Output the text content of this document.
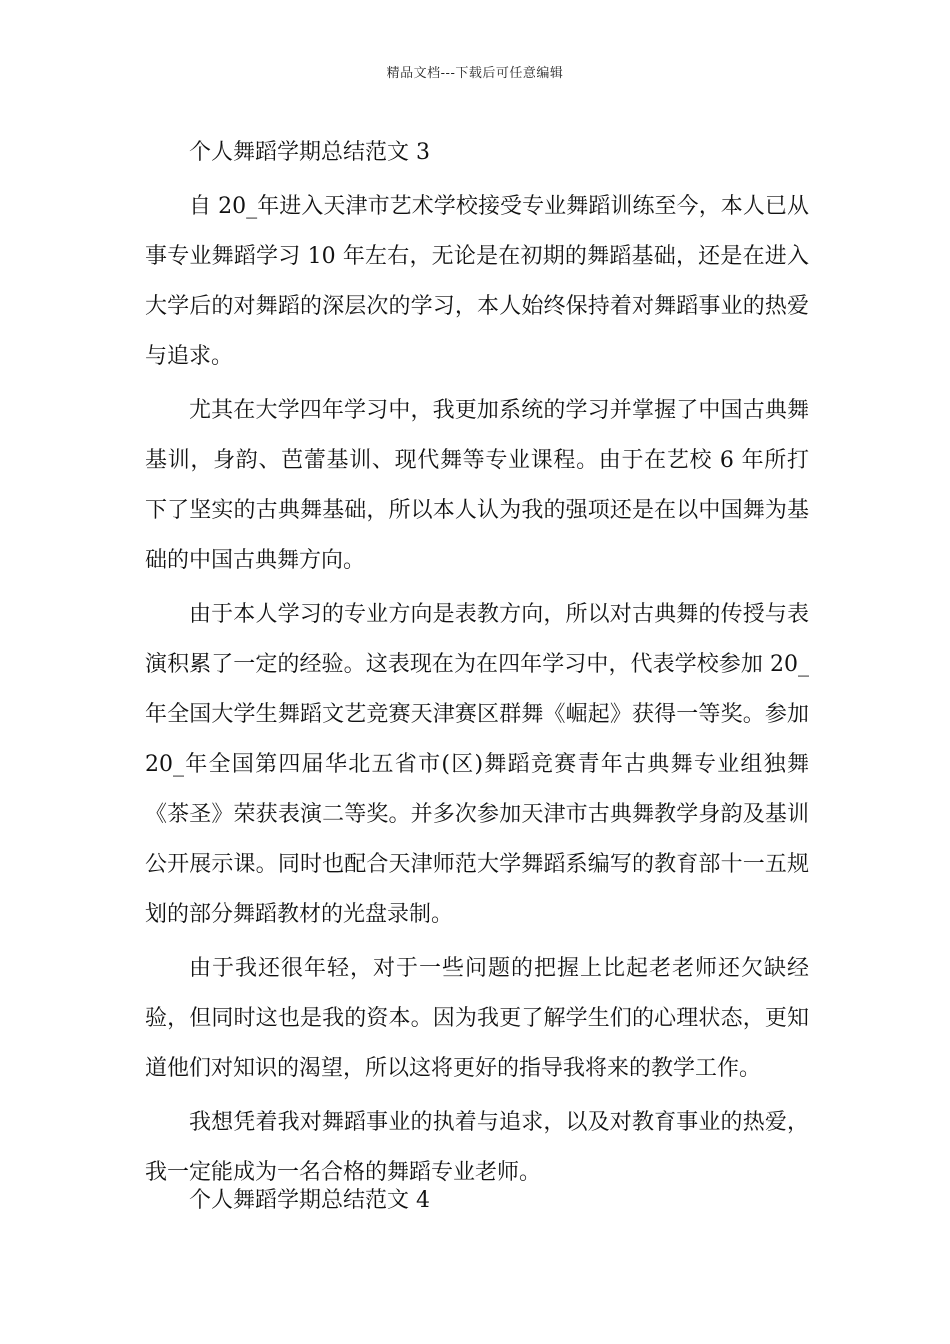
精品文档---下载后可任意编辑
个人舞蹈学期总结范文 3

自 20_年进入天津市艺术学校接受专业舞蹈训练至今，本人已从事专业舞蹈学习 10 年左右，无论是在初期的舞蹈基础，还是在进入大学后的对舞蹈的深层次的学习，本人始终保持着对舞蹈事业的热爱与追求。

尤其在大学四年学习中，我更加系统的学习并掌握了中国古典舞基训，身韵、芭蕾基训、现代舞等专业课程。由于在艺校 6 年所打下了坚实的古典舞基础，所以本人认为我的强项还是在以中国舞为基础的中国古典舞方向。

由于本人学习的专业方向是表教方向，所以对古典舞的传授与表演积累了一定的经验。这表现在为在四年学习中，代表学校参加 20_年全国大学生舞蹈文艺竞赛天津赛区群舞《崛起》获得一等奖。参加 20_年全国第四届华北五省市(区)舞蹈竞赛青年古典舞专业组独舞《茶圣》荣获表演二等奖。并多次参加天津市古典舞教学身韵及基训公开展示课。同时也配合天津师范大学舞蹈系编写的教育部十一五规划的部分舞蹈教材的光盘录制。

由于我还很年轻，对于一些问题的把握上比起老老师还欠缺经验，但同时这也是我的资本。因为我更了解学生们的心理状态，更知道他们对知识的渴望，所以这将更好的指导我将来的教学工作。

我想凭着我对舞蹈事业的执着与追求，以及对教育事业的热爱，我一定能成为一名合格的舞蹈专业老师。

个人舞蹈学期总结范文 4
